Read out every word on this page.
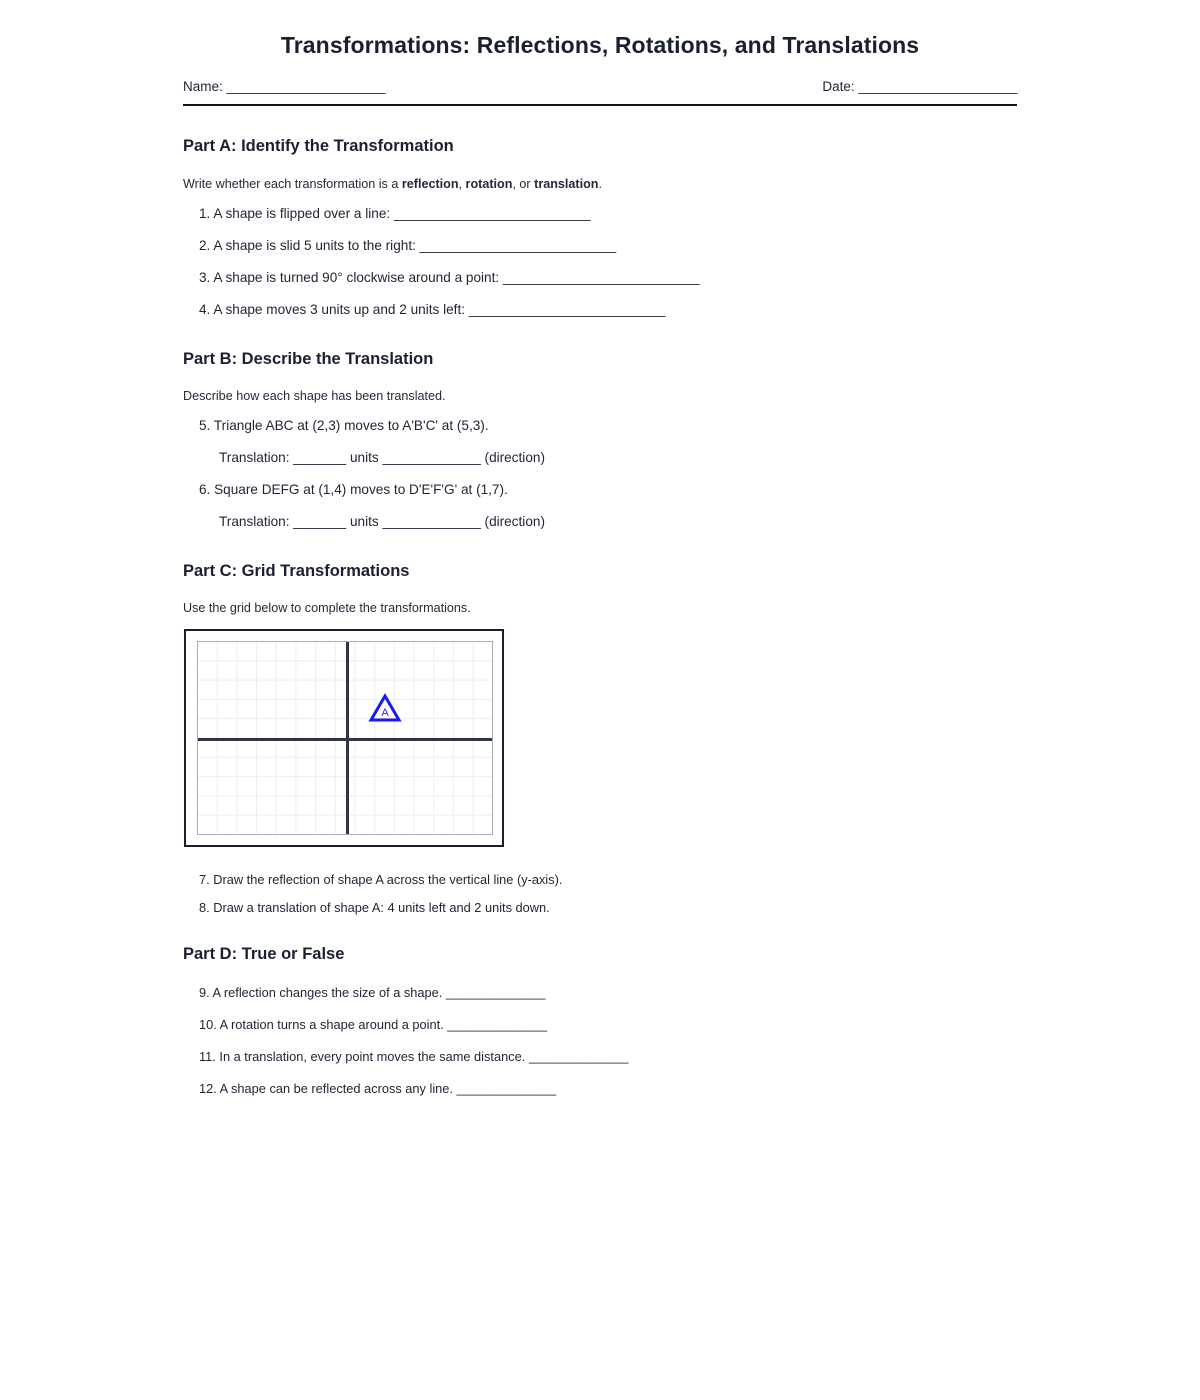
Transformations: Reflections, Rotations, and Translations
Name: ______________________	Date: ______________________
Part A: Identify the Transformation
Write whether each transformation is a reflection, rotation, or translation.
1. A shape is flipped over a line: __________________________
2. A shape is slid 5 units to the right: __________________________
3. A shape is turned 90° clockwise around a point: __________________________
4. A shape moves 3 units up and 2 units left: __________________________
Part B: Describe the Translation
Describe how each shape has been translated.
5. Triangle ABC at (2,3) moves to A'B'C' at (5,3).
Translation: _______ units _____________ (direction)
6. Square DEFG at (1,4) moves to D'E'F'G' at (1,7).
Translation: _______ units _____________ (direction)
Part C: Grid Transformations
Use the grid below to complete the transformations.
A
7. Draw the reflection of shape A across the vertical line (y-axis).
8. Draw a translation of shape A: 4 units left and 2 units down.
Part D: True or False
9. A reflection changes the size of a shape. ______________
10. A rotation turns a shape around a point. ______________
11. In a translation, every point moves the same distance. ______________
12. A shape can be reflected across any line. ______________
